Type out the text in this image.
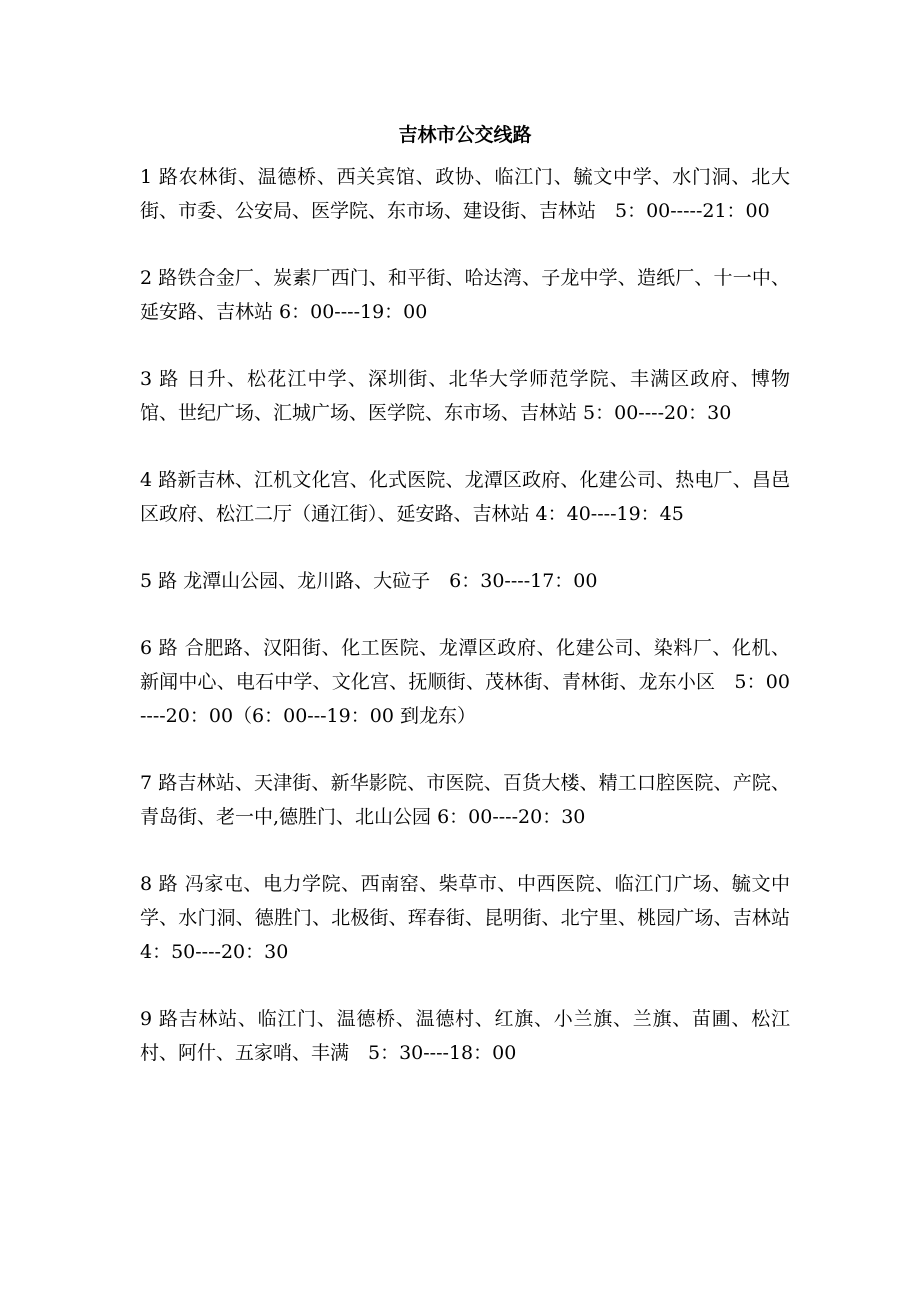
吉林市公交线路

1 路农林街、温德桥、西关宾馆、政协、临江门、毓文中学、水门洞、北大街、市委、公安局、医学院、东市场、建设街、吉林站　5：00-----21：00

2 路铁合金厂、炭素厂西门、和平街、哈达湾、子龙中学、造纸厂、十一中、延安路、吉林站 6：00----19：00

3 路 日升、松花江中学、深圳街、北华大学师范学院、丰满区政府、博物馆、世纪广场、汇城广场、医学院、东市场、吉林站 5：00----20：30

4 路新吉林、江机文化宫、化式医院、龙潭区政府、化建公司、热电厂、昌邑区政府、松江二厅（通江街）、延安路、吉林站 4：40----19：45

5 路 龙潭山公园、龙川路、大砬子　6：30----17：00

6 路 合肥路、汉阳街、化工医院、龙潭区政府、化建公司、染料厂、化机、新闻中心、电石中学、文化宫、抚顺街、茂林街、青林街、龙东小区　5：00----20：00（6：00---19：00 到龙东）

7 路吉林站、天津街、新华影院、市医院、百货大楼、精工口腔医院、产院、青岛街、老一中,德胜门、北山公园 6：00----20：30

8 路 冯家屯、电力学院、西南窑、柴草市、中西医院、临江门广场、毓文中学、水门洞、德胜门、北极街、珲春街、昆明街、北宁里、桃园广场、吉林站 4：50----20：30

9 路吉林站、临江门、温德桥、温德村、红旗、小兰旗、兰旗、苗圃、松江村、阿什、五家哨、丰满　5：30----18：00
